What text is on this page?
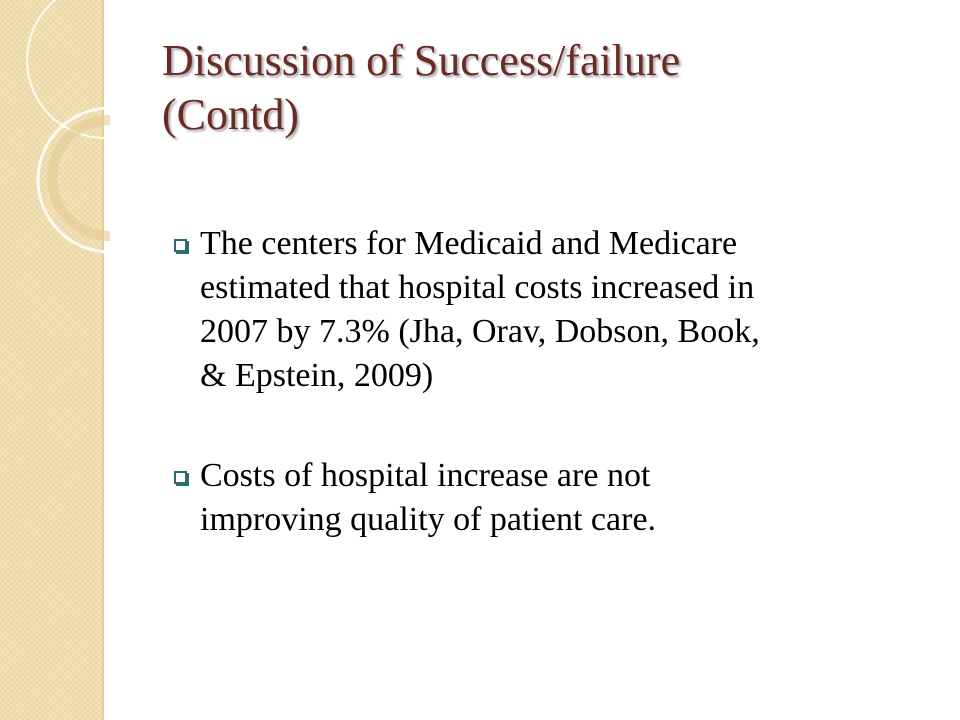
Discussion of Success/failure
(Contd)
The centers for Medicaid and Medicare
estimated that hospital costs increased in
2007 by 7.3% (Jha, Orav, Dobson, Book,
& Epstein, 2009)
Costs of hospital increase are not
improving quality of patient care.
